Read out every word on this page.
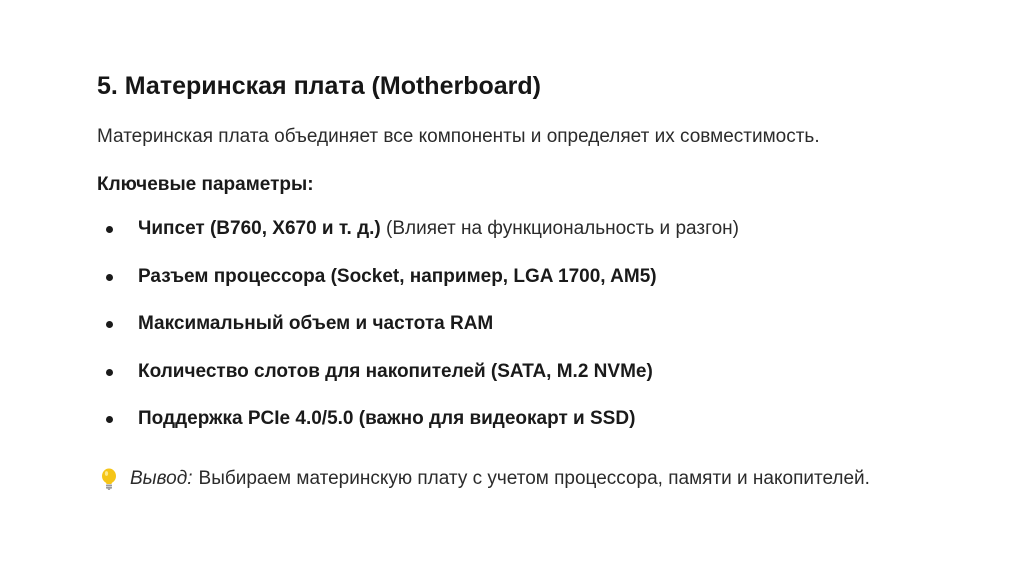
5. Материнская плата (Motherboard)
Материнская плата объединяет все компоненты и определяет их совместимость.
Ключевые параметры:
Чипсет (B760, X670 и т. д.) (Влияет на функциональность и разгон)
Разъем процессора (Socket, например, LGA 1700, AM5)
Максимальный объем и частота RAM
Количество слотов для накопителей (SATA, M.2 NVMe)
Поддержка PCIe 4.0/5.0 (важно для видеокарт и SSD)
Вывод: Выбираем материнскую плату с учетом процессора, памяти и накопителей.
